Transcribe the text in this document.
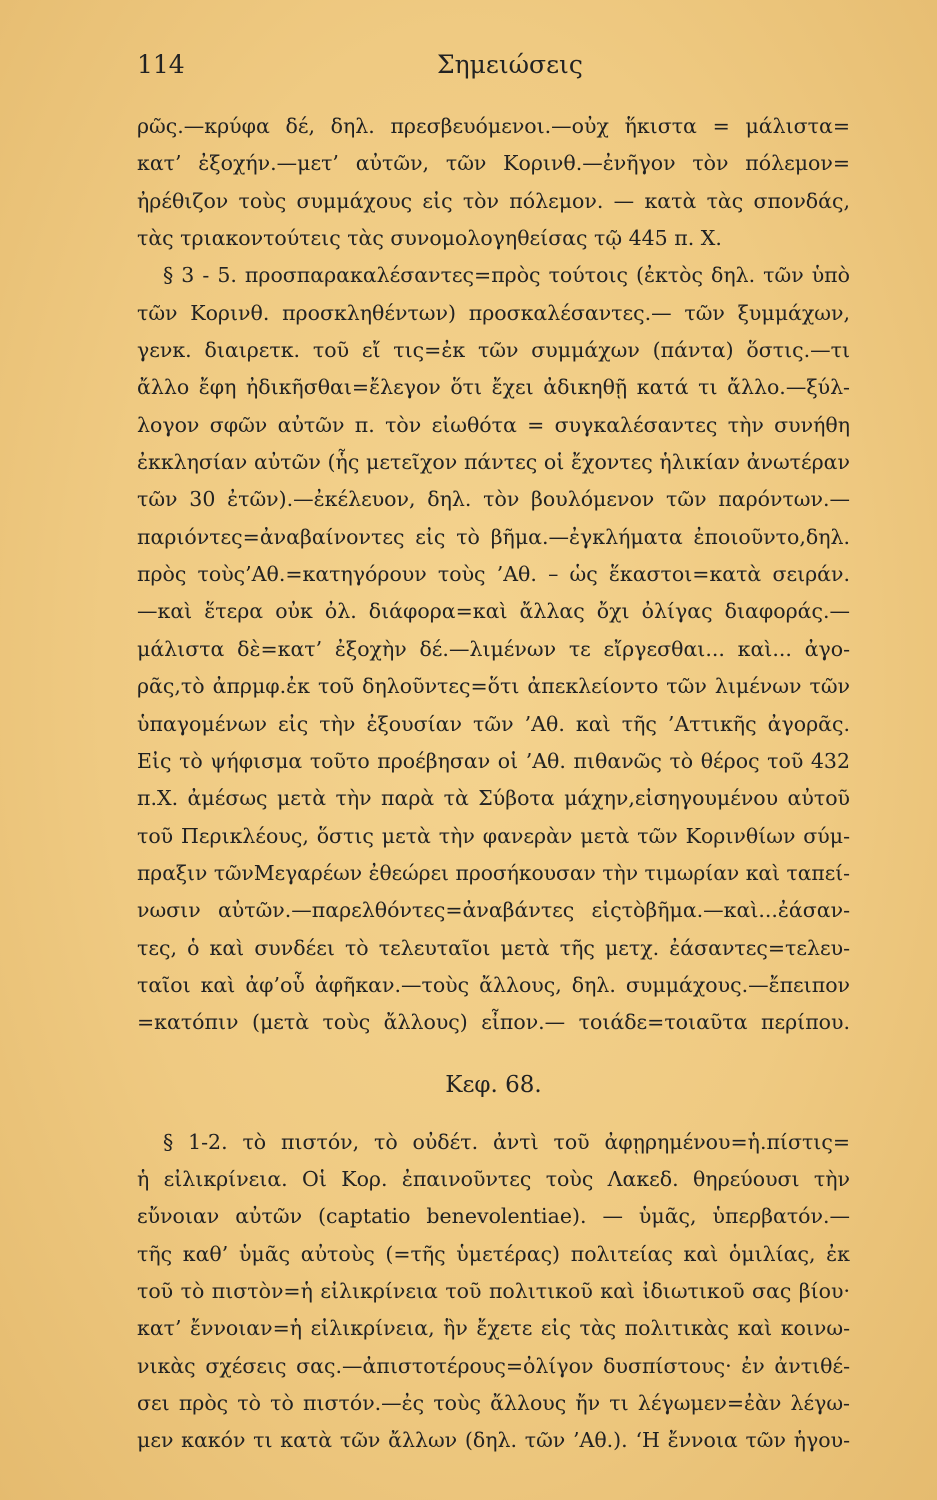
114	Σημειώσεις
ρῶς.—κρύφα δέ, δηλ. πρεσβευόμενοι.—οὐχ ἥκιστα = μάλιστα=
κατ’ ἐξοχήν.—μετ’ αὐτῶν, τῶν Κορινθ.—ἐνῆγον τὸν πόλεμον=
ἠρέθιζον τοὺς συμμάχους εἰς τὸν πόλεμον. — κατὰ τὰς σπονδάς,
τὰς τριακοντούτεις τὰς συνομολογηθείσας τῷ 445 π. Χ.
§ 3 - 5. προσπαρακαλέσαντες=πρὸς τούτοις (ἐκτὸς δηλ. τῶν ὑπὸ
τῶν Κορινθ. προσκληθέντων) προσκαλέσαντες.— τῶν ξυμμάχων,
γενκ. διαιρετκ. τοῦ εἴ τις=ἐκ τῶν συμμάχων (πάντα) ὅστις.—τι
ἄλλο ἔφη ἠδικῆσθαι=ἔλεγον ὅτι ἔχει ἀδικηθῇ κατά τι ἄλλο.—ξύλ-
λογον σφῶν αὐτῶν π. τὸν εἰωθότα = συγκαλέσαντες τὴν συνήθη
ἐκκλησίαν αὐτῶν (ἧς μετεῖχον πάντες οἱ ἔχοντες ἡλικίαν ἀνωτέραν
τῶν 30 ἐτῶν).—ἐκέλευον, δηλ. τὸν βουλόμενον τῶν παρόντων.—
παριόντες=ἀναβαίνοντες εἰς τὸ βῆμα.—ἐγκλήματα ἐποιοῦντο,δηλ.
πρὸς τοὺς’Αθ.=κατηγόρουν τοὺς ’Αθ. – ὡς ἕκαστοι=κατὰ σειράν.
—καὶ ἕτερα οὐκ ὀλ. διάφορα=καὶ ἄλλας ὄχι ὀλίγας διαφοράς.—
μάλιστα δὲ=κατ’ ἐξοχὴν δέ.—λιμένων τε εἴργεσθαι... καὶ... ἀγο-
ρᾶς,τὸ ἀπρμφ.ἐκ τοῦ δηλοῦντες=ὅτι ἀπεκλείοντο τῶν λιμένων τῶν
ὑπαγομένων εἰς τὴν ἐξουσίαν τῶν ’Αθ. καὶ τῆς ’Αττικῆς ἀγορᾶς.
Εἰς τὸ ψήφισμα τοῦτο προέβησαν οἱ ’Αθ. πιθανῶς τὸ θέρος τοῦ 432
π.Χ. ἀμέσως μετὰ τὴν παρὰ τὰ Σύβοτα μάχην,εἰσηγουμένου αὐτοῦ
τοῦ Περικλέους, ὅστις μετὰ τὴν φανερὰν μετὰ τῶν Κορινθίων σύμ-
πραξιν τῶνΜεγαρέων ἐθεώρει προσήκουσαν τὴν τιμωρίαν καὶ ταπεί-
νωσιν αὐτῶν.—παρελθόντες=ἀναβάντες εἰςτὸβῆμα.—καὶ...ἐάσαν-
τες, ὁ καὶ συνδέει τὸ τελευταῖοι μετὰ τῆς μετχ. ἐάσαντες=τελευ-
ταῖοι καὶ ἀφ’οὗ ἀφῆκαν.—τοὺς ἄλλους, δηλ. συμμάχους.—ἔπειπον
=κατόπιν (μετὰ τοὺς ἄλλους) εἶπον.— τοιάδε=τοιαῦτα περίπου.
Κεφ. 68.
§ 1-2. τὸ πιστόν, τὸ οὐδέτ. ἀντὶ τοῦ ἀφῃρημένου=ἡ.πίστις=
ἡ εἰλικρίνεια. Οἱ Κορ. ἐπαινοῦντες τοὺς Λακεδ. θηρεύουσι τὴν
εὔνοιαν αὐτῶν (captatio benevolentiae). — ὑμᾶς, ὑπερβατόν.—
τῆς καθ’ ὑμᾶς αὐτοὺς (=τῆς ὑμετέρας) πολιτείας καὶ ὁμιλίας, ἐκ
τοῦ τὸ πιστὸν=ἡ εἰλικρίνεια τοῦ πολιτικοῦ καὶ ἰδιωτικοῦ σας βίου·
κατ’ ἔννοιαν=ἡ εἰλικρίνεια, ἣν ἔχετε εἰς τὰς πολιτικὰς καὶ κοινω-
νικὰς σχέσεις σας.—ἀπιστοτέρους=ὀλίγον δυσπίστους· ἐν ἀντιθέ-
σει πρὸς τὸ τὸ πιστόν.—ἐς τοὺς ἄλλους ἤν τι λέγωμεν=ἐὰν λέγω-
μεν κακόν τι κατὰ τῶν ἄλλων (δηλ. τῶν ’Αθ.). ‘Η ἔννοια τῶν ἡγου-
